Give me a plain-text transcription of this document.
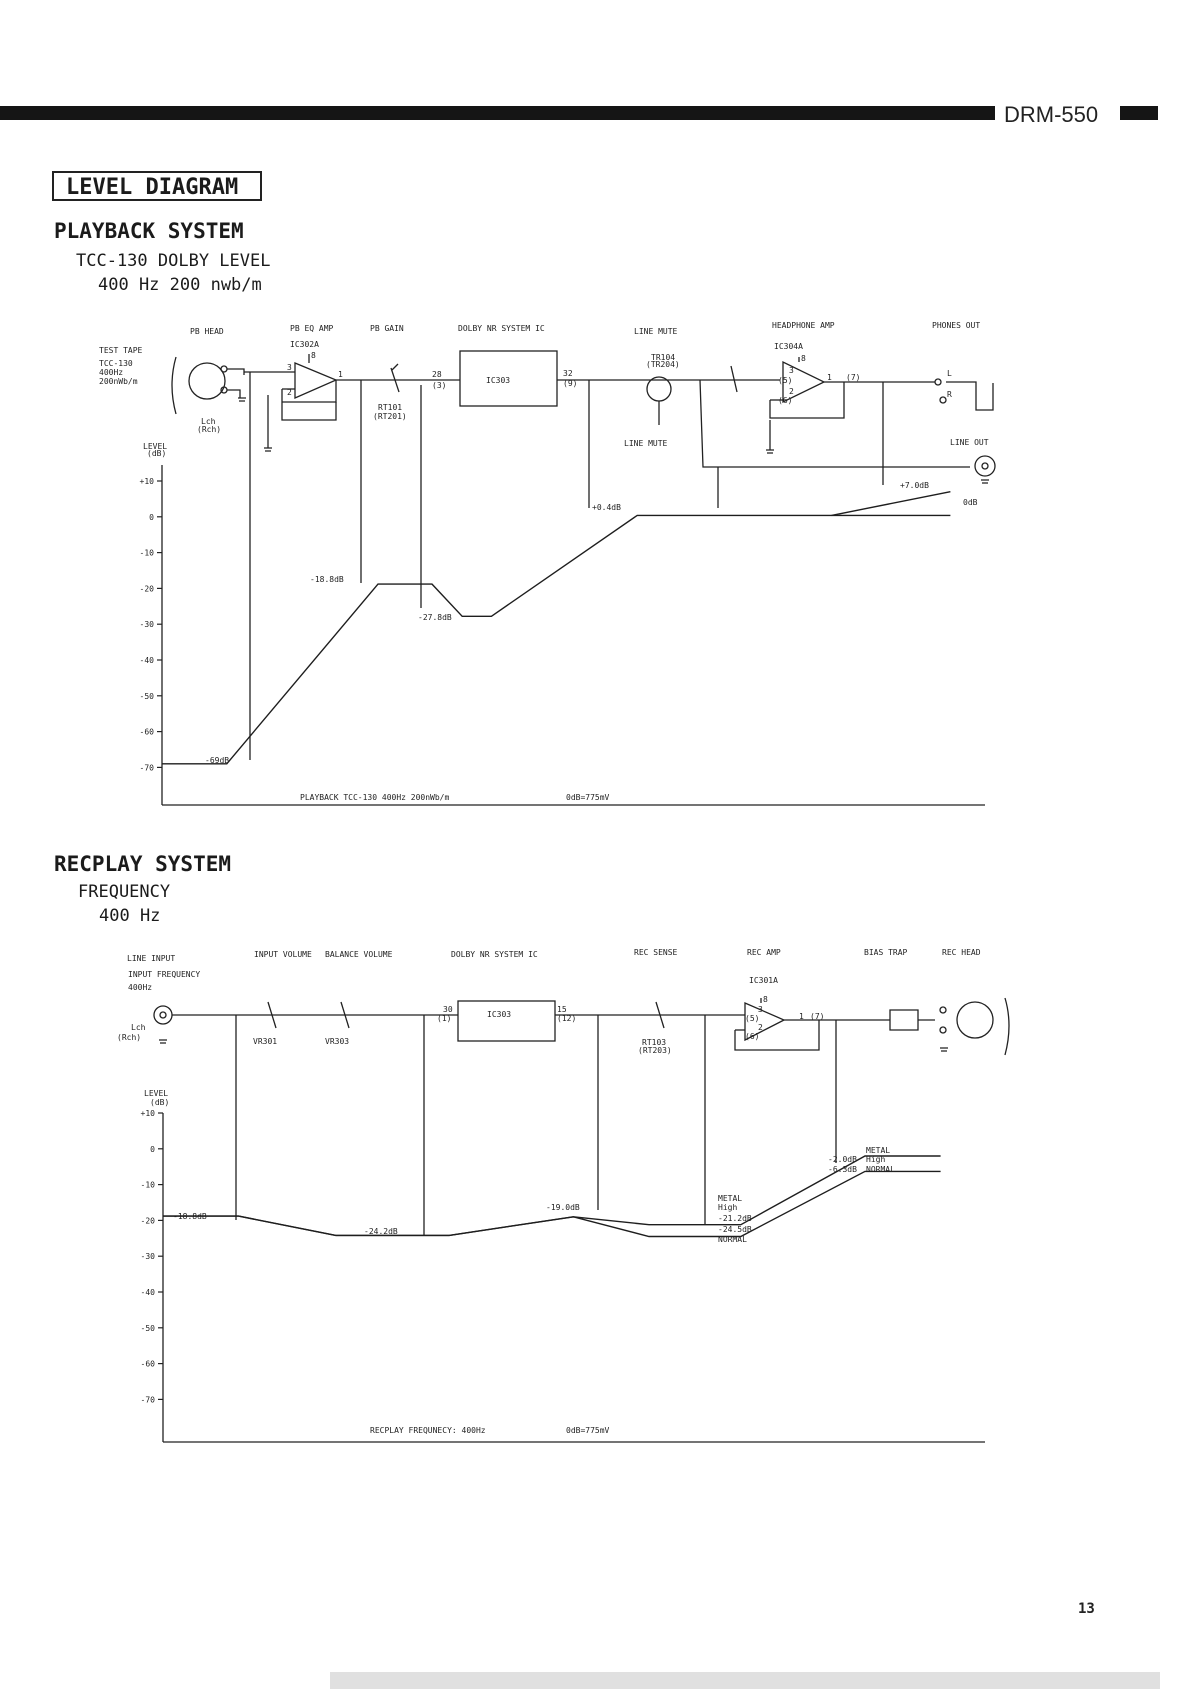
DRM-550
LEVEL DIAGRAM
PLAYBACK SYSTEM
TCC-130 DOLBY LEVEL
400 Hz 200 nwb/m
PB HEAD	PB EQ AMP	PB GAIN	DOLBY NR SYSTEM IC	LINE MUTE
HEADPHONE AMP	PHONES OUT
LINE OUT
TEST TAPE
TCC-130
400Hz
200nWb/m
Lch
(Rch)
IC302A
IC303
IC304A
RT101
(RT201)
TR104
(TR204)
LINE MUTE
3
2
8
1	28
(3)
32
(9)
3
(5)
2
(6)
1 (7)
8
L
R
LEVEL
(dB)
PLAYBACK TCC-130 400Hz 200nWb/m	0dB=775mV
+10
0
-10
-20
-30
-40
-50
-60
-70
+7.0dB
0dB
+0.4dB
-18.8dB
-27.8dB
-69dB
RECPLAY SYSTEM
FREQUENCY
400 Hz
LINE INPUT	INPUT VOLUME BALANCE VOLUME	DOLBY NR SYSTEM IC	REC SENSE	REC AMP	BIAS TRAP	REC HEAD
INPUT FREQUENCY
400Hz
Lch
(Rch)	VR301	VR303
IC303
IC301A
RT103
(RT203)
30
(1)
15
(12)
3
(5)
2
(6)
1 (7)
8
LEVEL
(dB)
RECPLAY FREQUNECY: 400Hz	0dB=775mV
+10
0
-10
-20
-30
-40
-50
-60
-70
-18.8dB
-24.2dB
-19.0dB
METAL
High
-21.2dB
-24.5dB
NORMAL
METAL
High
NORMAL
-2.0dB
-6.3dB
13
